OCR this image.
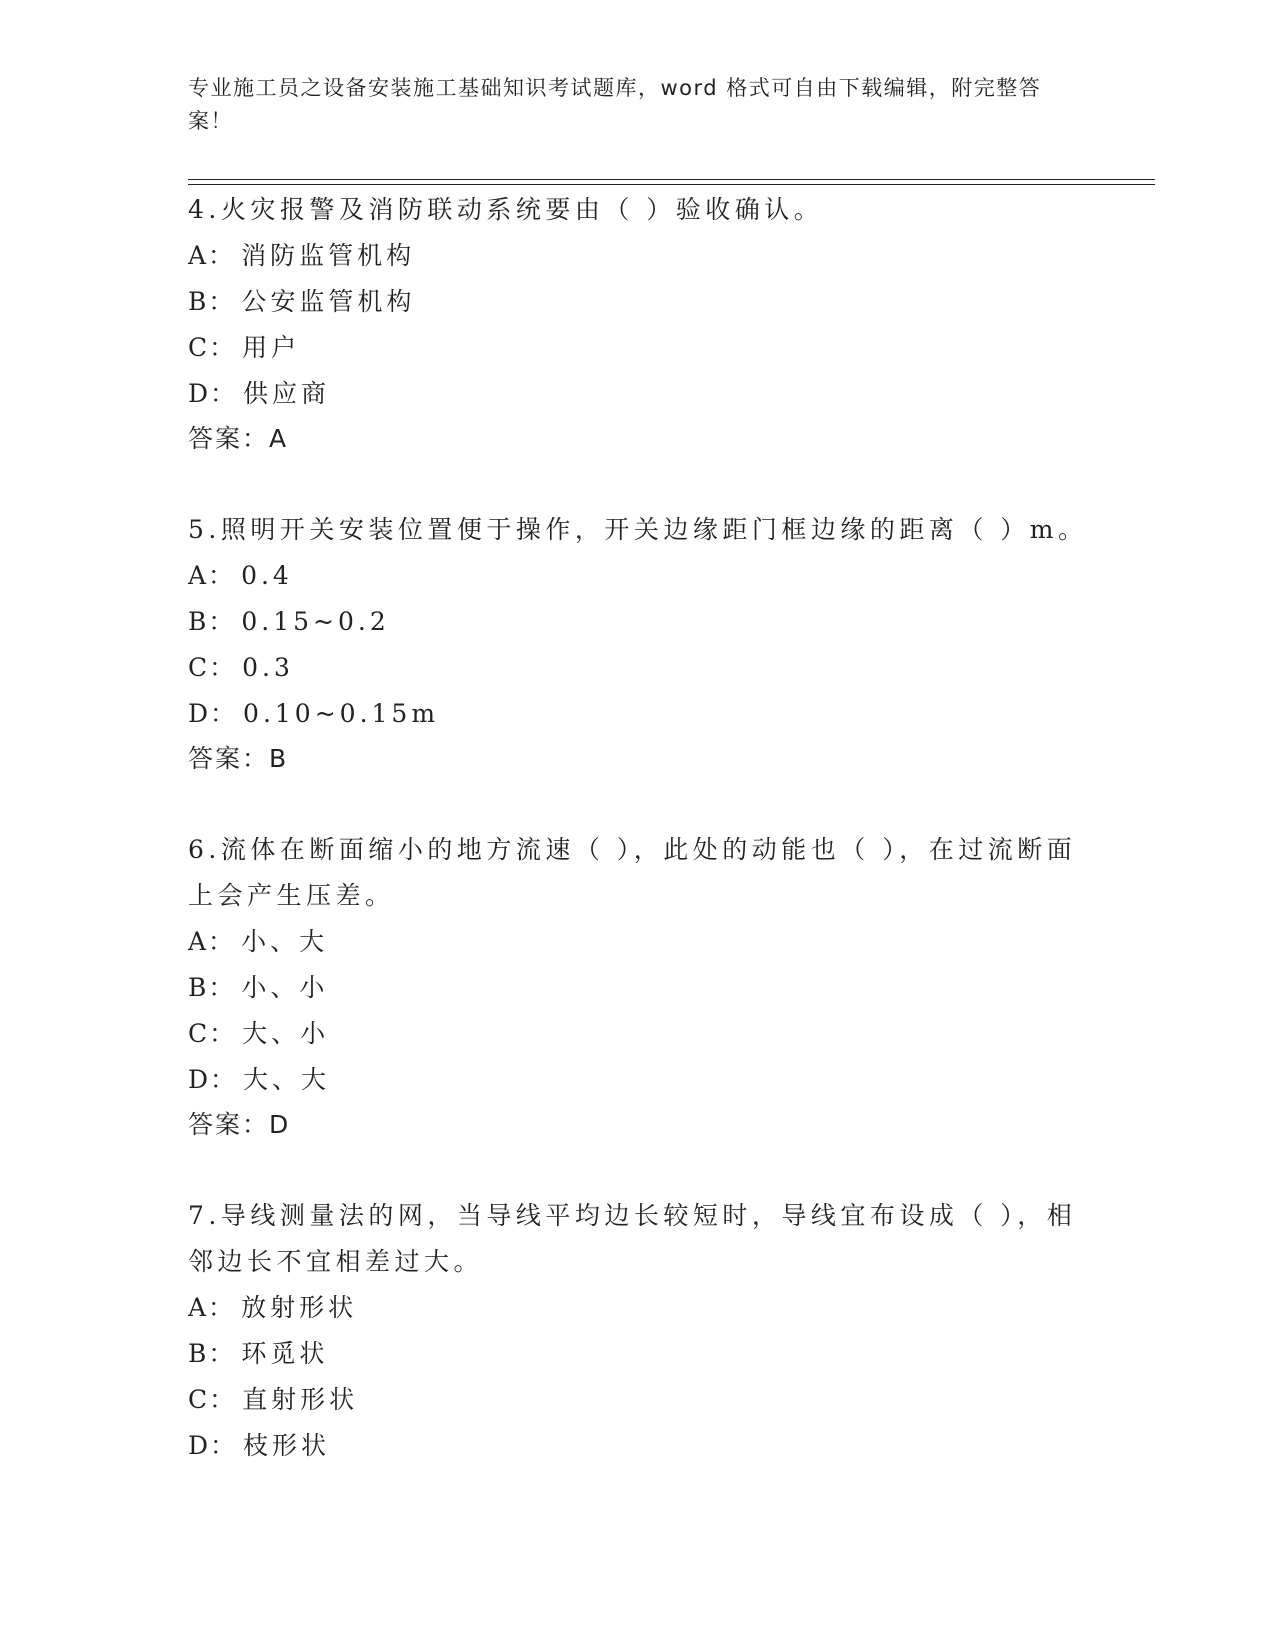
专业施工员之设备安装施工基础知识考试题库，word 格式可自由下载编辑，附完整答案！

4.火灾报警及消防联动系统要由（ ）验收确认。

A： 消防监管机构
B： 公安监管机构
C： 用户
D： 供应商
答案：A

5.照明开关安装位置便于操作，开关边缘距门框边缘的距离（ ）m。

A： 0.4
B： 0.15~0.2
C： 0.3
D： 0.10~0.15m
答案：B

6.流体在断面缩小的地方流速（ ），此处的动能也（ ），在过流断面上会产生压差。

A： 小、大
B： 小、小
C： 大、小
D： 大、大
答案：D

7.导线测量法的网，当导线平均边长较短时，导线宜布设成（ ），相邻边长不宜相差过大。

A： 放射形状
B： 环觅状
C： 直射形状
D： 枝形状
